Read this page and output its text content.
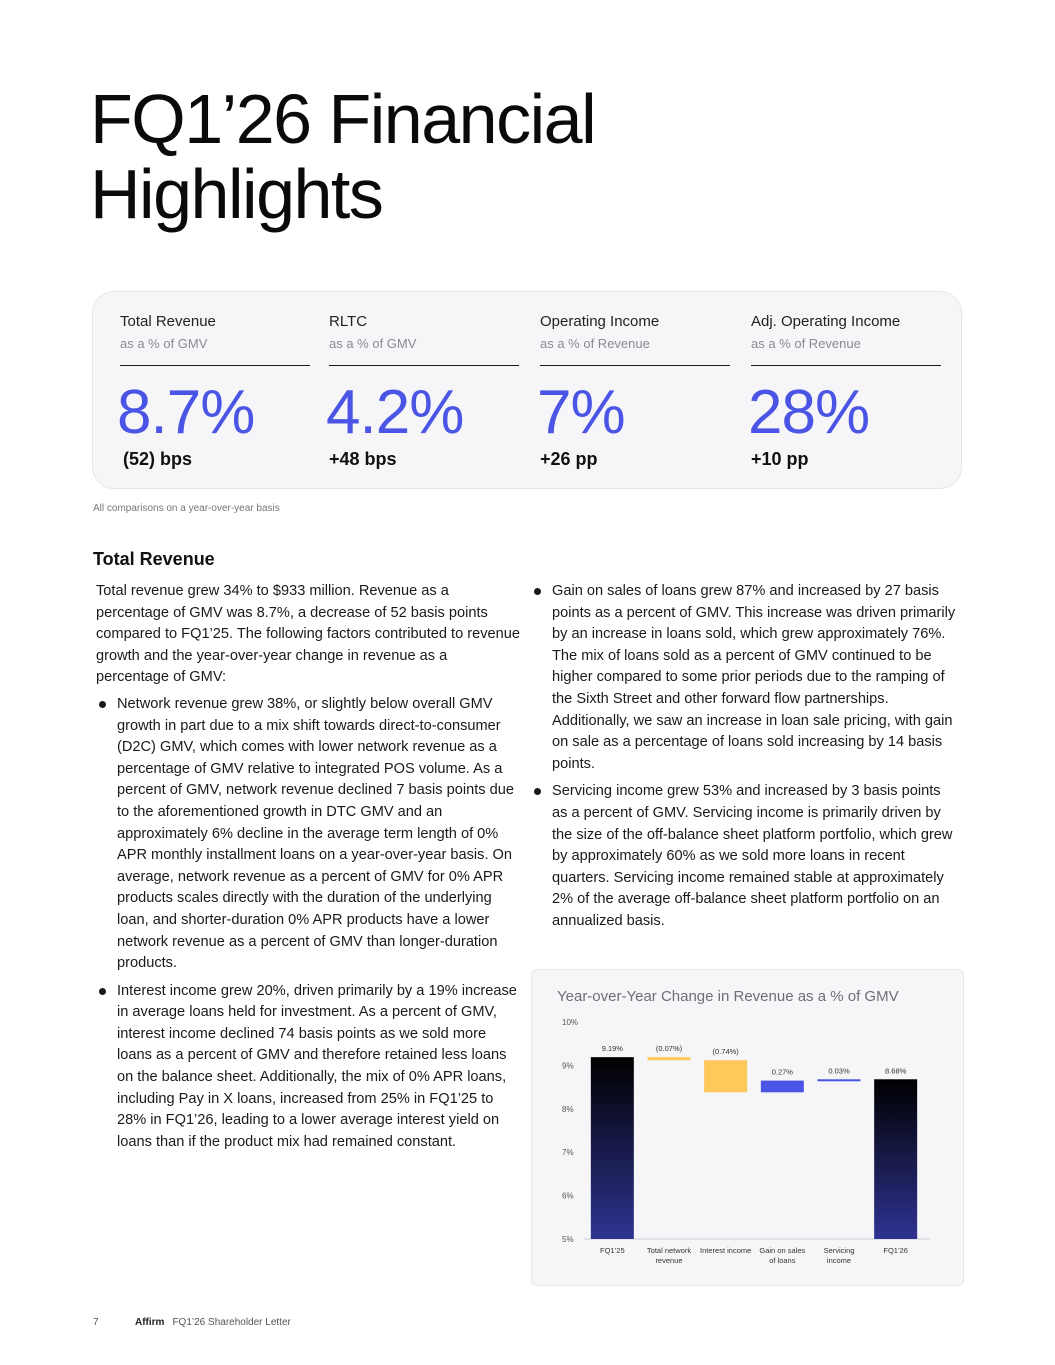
FQ1’26 Financial Highlights
Total Revenue
as a % of GMV
8.7%
(52) bps
RLTC
as a % of GMV
4.2%
+48 bps
Operating Income
as a % of Revenue
7%
+26 pp
Adj. Operating Income
as a % of Revenue
28%
+10 pp
All comparisons on a year-over-year basis
Total Revenue

Total revenue grew 34% to $933 million. Revenue as a percentage of GMV was 8.7%, a decrease of 52 basis points compared to FQ1’25. The following factors contributed to revenue growth and the year-over-year change in revenue as a percentage of GMV:

Network revenue grew 38%, or slightly below overall GMV growth in part due to a mix shift towards direct-to-consumer (D2C) GMV, which comes with lower network revenue as a percentage of GMV relative to integrated POS volume. As a percent of GMV, network revenue declined 7 basis points due to the aforementioned growth in DTC GMV and an approximately 6% decline in the average term length of 0% APR monthly installment loans on a year-over-year basis. On average, network revenue as a percent of GMV for 0% APR products scales directly with the duration of the underlying loan, and shorter-duration 0% APR products have a lower network revenue as a percent of GMV than longer-duration products.
Interest income grew 20%, driven primarily by a 19% increase in average loans held for investment. As a percent of GMV, interest income declined 74 basis points as we sold more loans as a percent of GMV and therefore retained less loans on the balance sheet. Additionally, the mix of 0% APR loans, including Pay in X loans, increased from 25% in FQ1’25 to 28% in FQ1’26, leading to a lower average interest yield on loans than if the product mix had remained constant.
Gain on sales of loans grew 87% and increased by 27 basis points as a percent of GMV. This increase was driven primarily by an increase in loans sold, which grew approximately 76%. The mix of loans sold as a percent of GMV continued to be higher compared to some prior periods due to the ramping of the Sixth Street and other forward flow partnerships. Additionally, we saw an increase in loan sale pricing, with gain on sale as a percentage of loans sold increasing by 14 basis points.
Servicing income grew 53% and increased by 3 basis points as a percent of GMV. Servicing income is primarily driven by the size of the off-balance sheet platform portfolio, which grew by approximately 60% as we sold more loans in recent quarters. Servicing income remained stable at approximately 2% of the average off-balance sheet platform portfolio on an annualized basis.
Year-over-Year Change in Revenue as a % of GMV
5%
6%
7%
8%
9%
10%
9.19%
FQ1’25
(0.07%)
Total network
revenue
(0.74%)
Interest income
0.27%
Gain on sales
of loans
0.03%
Servicing
income
8.68%
FQ1’26
7	Affirm FQ1’26 Shareholder Letter
